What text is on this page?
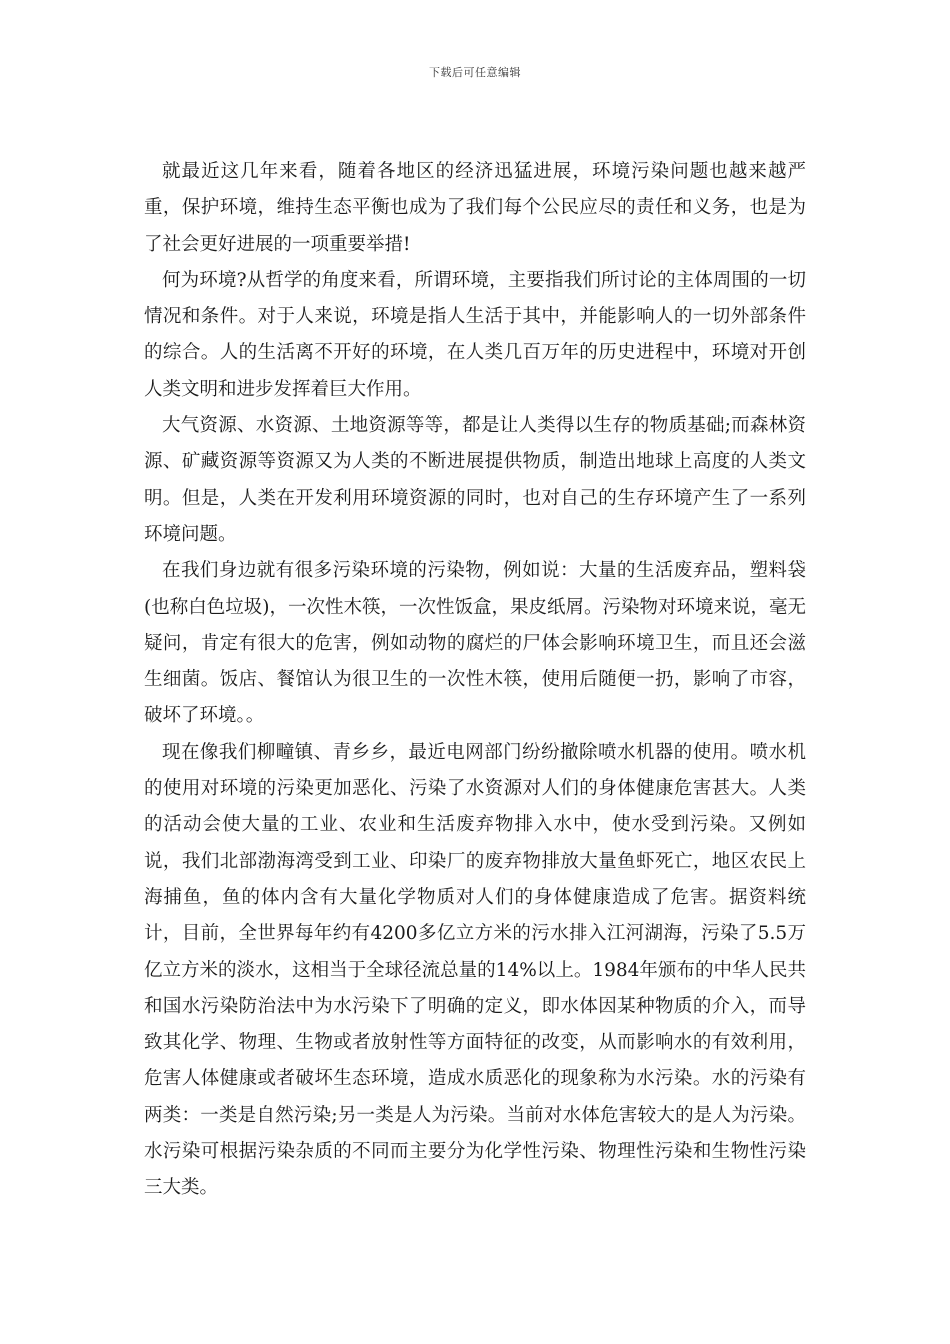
下载后可任意编辑

就最近这几年来看，随着各地区的经济迅猛进展，环境污染问题也越来越严重，保护环境，维持生态平衡也成为了我们每个公民应尽的责任和义务，也是为了社会更好进展的一项重要举措!

何为环境?从哲学的角度来看，所谓环境，主要指我们所讨论的主体周围的一切情况和条件。对于人来说，环境是指人生活于其中，并能影响人的一切外部条件的综合。人的生活离不开好的环境，在人类几百万年的历史进程中，环境对开创人类文明和进步发挥着巨大作用。

大气资源、水资源、土地资源等等，都是让人类得以生存的物质基础;而森林资源、矿藏资源等资源又为人类的不断进展提供物质，制造出地球上高度的人类文明。但是，人类在开发利用环境资源的同时，也对自己的生存环境产生了一系列环境问题。

在我们身边就有很多污染环境的污染物，例如说：大量的生活废弃品，塑料袋(也称白色垃圾)，一次性木筷，一次性饭盒，果皮纸屑。污染物对环境来说，毫无疑问，肯定有很大的危害，例如动物的腐烂的尸体会影响环境卫生，而且还会滋生细菌。饭店、餐馆认为很卫生的一次性木筷，使用后随便一扔，影响了市容，破坏了环境。。

现在像我们柳疃镇、青乡乡，最近电网部门纷纷撤除喷水机器的使用。喷水机的使用对环境的污染更加恶化、污染了水资源对人们的身体健康危害甚大。人类的活动会使大量的工业、农业和生活废弃物排入水中，使水受到污染。又例如说，我们北部渤海湾受到工业、印染厂的废弃物排放大量鱼虾死亡，地区农民上海捕鱼，鱼的体内含有大量化学物质对人们的身体健康造成了危害。据资料统计，目前，全世界每年约有4200多亿立方米的污水排入江河湖海，污染了5.5万亿立方米的淡水，这相当于全球径流总量的14%以上。1984年颁布的中华人民共和国水污染防治法中为水污染下了明确的定义，即水体因某种物质的介入，而导致其化学、物理、生物或者放射性等方面特征的改变，从而影响水的有效利用，危害人体健康或者破坏生态环境，造成水质恶化的现象称为水污染。水的污染有两类：一类是自然污染;另一类是人为污染。当前对水体危害较大的是人为污染。水污染可根据污染杂质的不同而主要分为化学性污染、物理性污染和生物性污染三大类。
